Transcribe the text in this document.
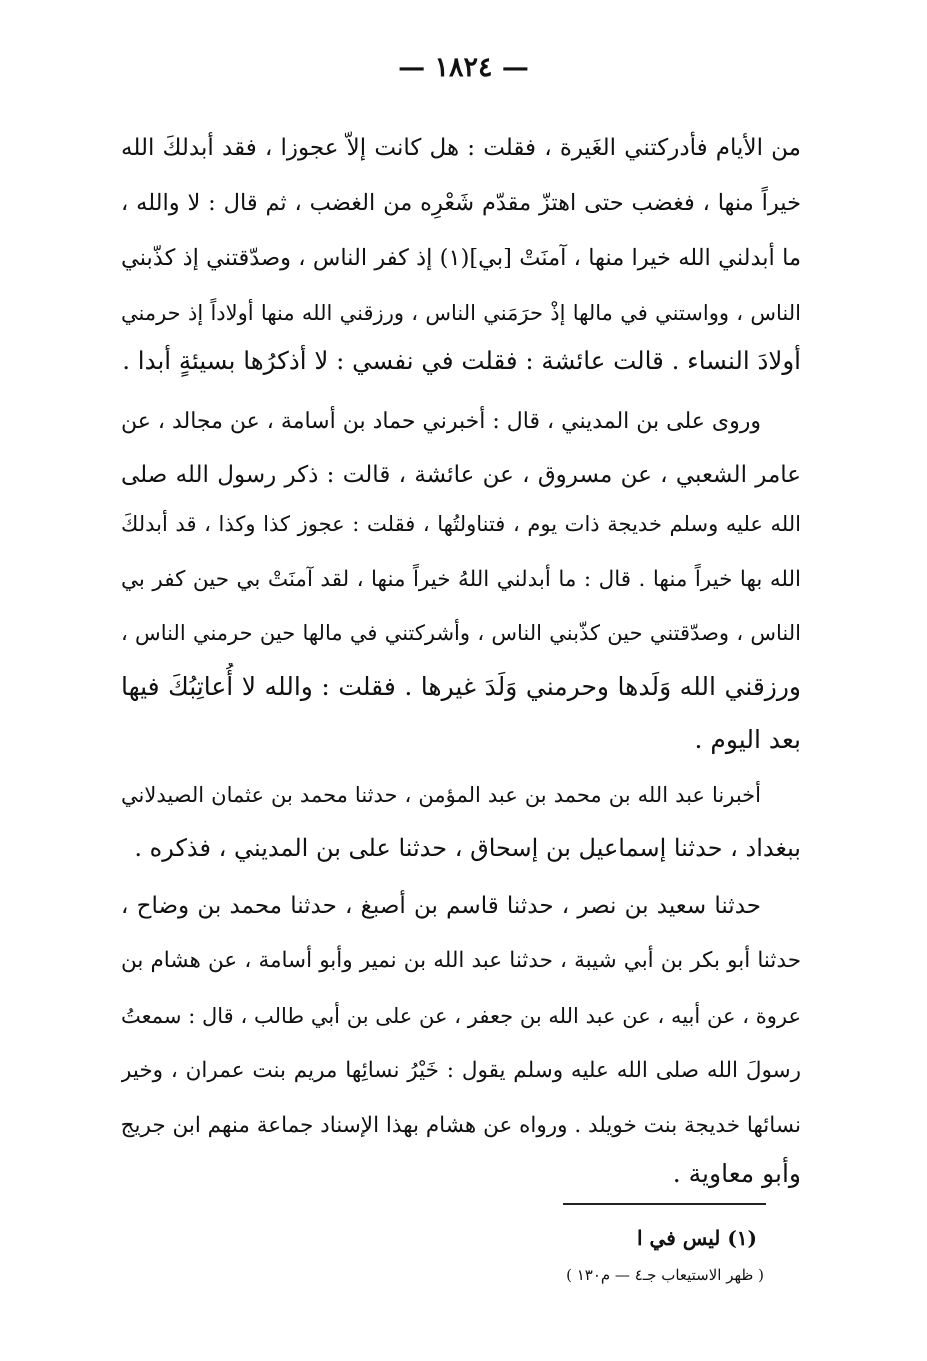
— ١٨٢٤ —
من الأيام فأدركتني الغَيرة ، فقلت : هل كانت إلاّ عجوزا ، فقد أبدلكَ الله
خيراً منها ، فغضب حتى اهتزّ مقدّم شَعْرِه من الغضب ، ثم قال : لا والله ،
ما أبدلني الله خيرا منها ، آمنَتْ [بي](١) إذ كفر الناس ، وصدّقتني إذ كذّبني
الناس ، وواستني في مالها إذْ حرَمَني الناس ، ورزقني الله منها أولاداً إذ حرمني
أولادَ النساء . قالت عائشة : فقلت في نفسي : لا أذكرُها بسيئةٍ أبدا .
وروى على بن المديني ، قال : أخبرني حماد بن أسامة ، عن مجالد ، عن
عامر الشعبي ، عن مسروق ، عن عائشة ، قالت : ذكر رسول الله صلى
الله عليه وسلم خديجة ذات يوم ، فتناولتُها ، فقلت : عجوز كذا وكذا ، قد أبدلكَ
الله بها خيراً منها . قال : ما أبدلني اللهُ خيراً منها ، لقد آمنَتْ بي حين كفر بي
الناس ، وصدّقتني حين كذّبني الناس ، وأشركتني في مالها حين حرمني الناس ،
ورزقني الله وَلَدها وحرمني وَلَدَ غيرها . فقلت : والله لا أُعاتِبُكَ فيها
بعد اليوم .
أخبرنا عبد الله بن محمد بن عبد المؤمن ، حدثنا محمد بن عثمان الصيدلاني
ببغداد ، حدثنا إسماعيل بن إسحاق ، حدثنا على بن المديني ، فذكره .
حدثنا سعيد بن نصر ، حدثنا قاسم بن أصبغ ، حدثنا محمد بن وضاح ،
حدثنا أبو بكر بن أبي شيبة ، حدثنا عبد الله بن نمير وأبو أسامة ، عن هشام بن
عروة ، عن أبيه ، عن عبد الله بن جعفر ، عن على بن أبي طالب ، قال : سمعتُ
رسولَ الله صلى الله عليه وسلم يقول : خَيْرُ نسائِها مريم بنت عمران ، وخير
نسائها خديجة بنت خويلد . ورواه عن هشام بهذا الإسناد جماعة منهم ابن جريج
وأبو معاوية .
(١) ليس في ا
( ظهر الاستيعاب جـ٤ — م١٣٠ )
